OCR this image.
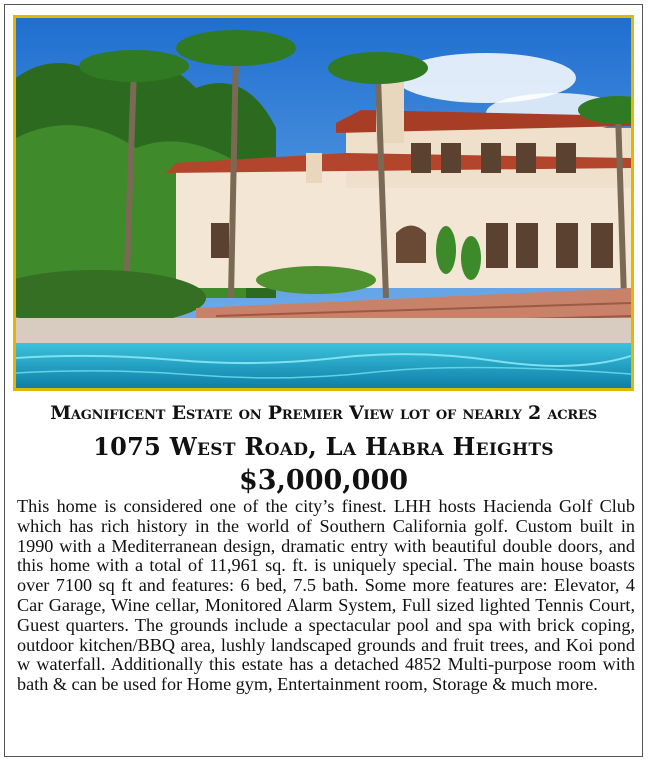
Magnificent Estate on Premier View lot of nearly 2 acres
1075 West Road, La Habra Heights
$3,000,000

This home is considered one of the city’s finest. LHH hosts Hacienda Golf Club which has rich history in the world of Southern California golf. Custom built in 1990 with a Mediterranean design, dramatic entry with beautiful double doors, and this home with a total of 11,961 sq. ft. is uniquely special. The main house boasts over 7100 sq ft and features: 6 bed, 7.5 bath. Some more features are: Elevator, 4 Car Garage, Wine cellar, Monitored Alarm System, Full sized lighted Tennis Court, Guest quarters. The grounds include a spectacular pool and spa with brick coping, outdoor kitchen/BBQ area, lushly landscaped grounds and fruit trees, and Koi pond w waterfall. Additionally this estate has a detached 4852 Multi-purpose room with bath & can be used for Home gym, Entertainment room, Storage & much more.
